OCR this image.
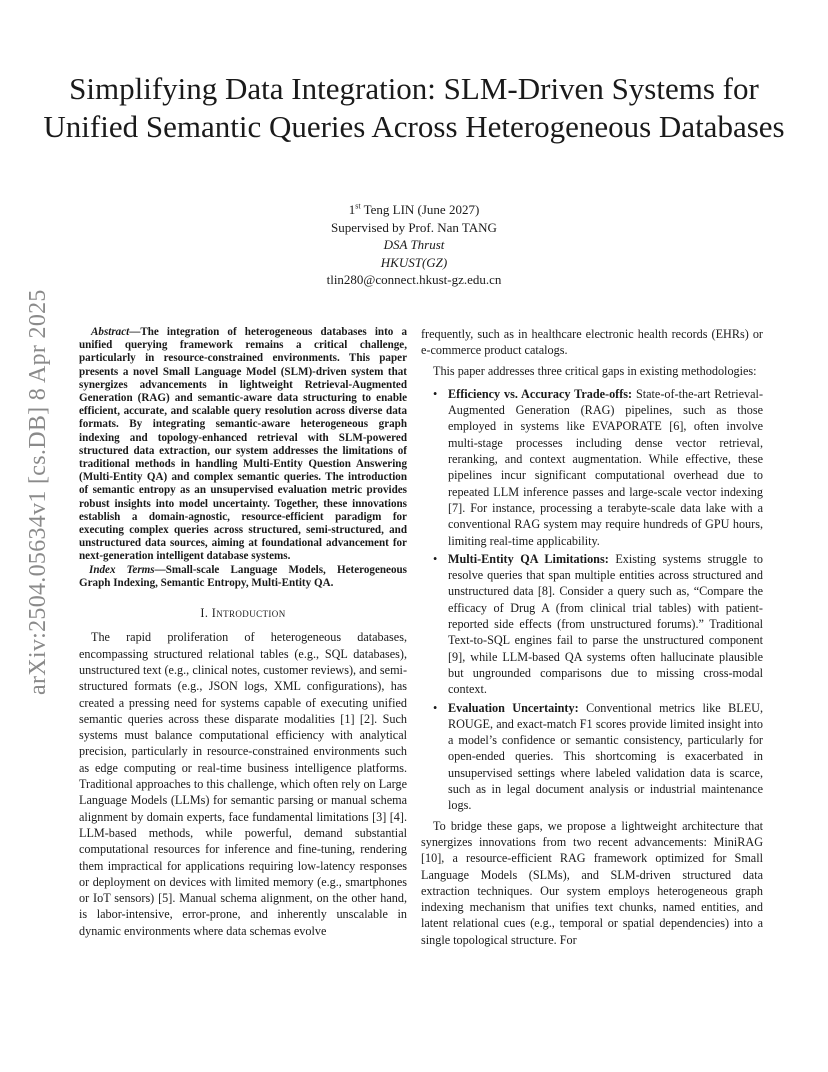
arXiv:2504.05634v1 [cs.DB] 8 Apr 2025
Simplifying Data Integration: SLM-Driven Systems for Unified Semantic Queries Across Heterogeneous Databases
1st Teng LIN (June 2027)
Supervised by Prof. Nan TANG
DSA Thrust
HKUST(GZ)
tlin280@connect.hkust-gz.edu.cn

Abstract—The integration of heterogeneous databases into a unified querying framework remains a critical challenge, particularly in resource-constrained environments. This paper presents a novel Small Language Model (SLM)-driven system that synergizes advancements in lightweight Retrieval-Augmented Generation (RAG) and semantic-aware data structuring to enable efficient, accurate, and scalable query resolution across diverse data formats. By integrating semantic-aware heterogeneous graph indexing and topology-enhanced retrieval with SLM-powered structured data extraction, our system addresses the limitations of traditional methods in handling Multi-Entity Question Answering (Multi-Entity QA) and complex semantic queries. The introduction of semantic entropy as an unsupervised evaluation metric provides robust insights into model uncertainty. Together, these innovations establish a domain-agnostic, resource-efficient paradigm for executing complex queries across structured, semi-structured, and unstructured data sources, aiming at foundational advancement for next-generation intelligent database systems.

Index Terms—Small-scale Language Models, Heterogeneous Graph Indexing, Semantic Entropy, Multi-Entity QA.

I. Introduction

The rapid proliferation of heterogeneous databases, encompassing structured relational tables (e.g., SQL databases), unstructured text (e.g., clinical notes, customer reviews), and semi-structured formats (e.g., JSON logs, XML configurations), has created a pressing need for systems capable of executing unified semantic queries across these disparate modalities [1] [2]. Such systems must balance computational efficiency with analytical precision, particularly in resource-constrained environments such as edge computing or real-time business intelligence platforms. Traditional approaches to this challenge, which often rely on Large Language Models (LLMs) for semantic parsing or manual schema alignment by domain experts, face fundamental limitations [3] [4]. LLM-based methods, while powerful, demand substantial computational resources for inference and fine-tuning, rendering them impractical for applications requiring low-latency responses or deployment on devices with limited memory (e.g., smartphones or IoT sensors) [5]. Manual schema alignment, on the other hand, is labor-intensive, error-prone, and inherently unscalable in dynamic environments where data schemas evolve

frequently, such as in healthcare electronic health records (EHRs) or e-commerce product catalogs.

This paper addresses three critical gaps in existing methodologies:

• Efficiency vs. Accuracy Trade-offs: State-of-the-art Retrieval-Augmented Generation (RAG) pipelines, such as those employed in systems like EVAPORATE [6], often involve multi-stage processes including dense vector retrieval, reranking, and context augmentation. While effective, these pipelines incur significant computational overhead due to repeated LLM inference passes and large-scale vector indexing [7]. For instance, processing a terabyte-scale data lake with a conventional RAG system may require hundreds of GPU hours, limiting real-time applicability.
• Multi-Entity QA Limitations: Existing systems struggle to resolve queries that span multiple entities across structured and unstructured data [8]. Consider a query such as, “Compare the efficacy of Drug A (from clinical trial tables) with patient-reported side effects (from unstructured forums).” Traditional Text-to-SQL engines fail to parse the unstructured component [9], while LLM-based QA systems often hallucinate plausible but ungrounded comparisons due to missing cross-modal context.
• Evaluation Uncertainty: Conventional metrics like BLEU, ROUGE, and exact-match F1 scores provide limited insight into a model’s confidence or semantic consistency, particularly for open-ended queries. This shortcoming is exacerbated in unsupervised settings where labeled validation data is scarce, such as in legal document analysis or industrial maintenance logs.

To bridge these gaps, we propose a lightweight architecture that synergizes innovations from two recent advancements: MiniRAG [10], a resource-efficient RAG framework optimized for Small Language Models (SLMs), and SLM-driven structured data extraction techniques. Our system employs heterogeneous graph indexing mechanism that unifies text chunks, named entities, and latent relational cues (e.g., temporal or spatial dependencies) into a single topological structure. For
